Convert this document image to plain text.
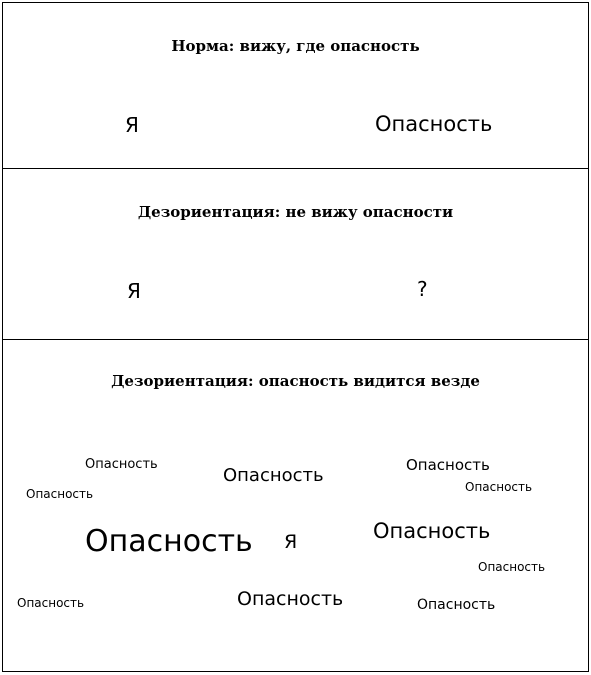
Норма: вижу, где опасность
Я	Опасность
Дезориентация: не вижу опасности
Я	?
Дезориентация: опасность видится везде
Опасность
Опасность	Опасность
Опасность	Опасность
Опасность
Опасность Я
Опасность
Опасность	Опасность	Опасность
